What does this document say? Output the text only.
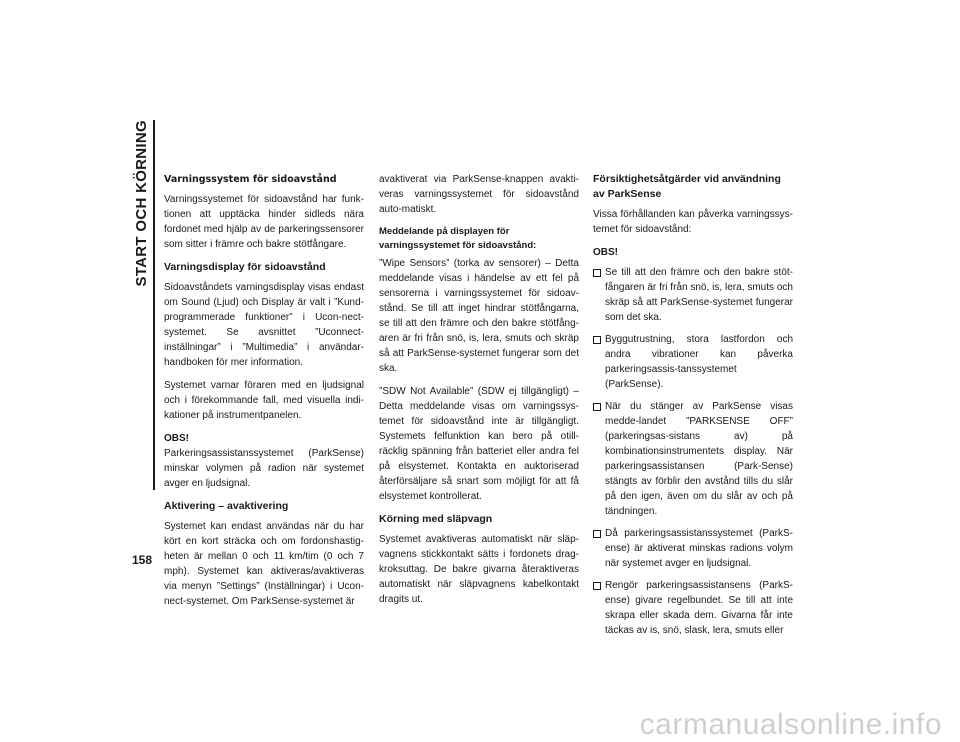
START OCH KÖRNING
158
Varningssystem för sidoavstånd

Varningssystemet för sidoavstånd har funk-tionen att upptäcka hinder sidleds nära fordonet med hjälp av de parkeringssensorer som sitter i främre och bakre stötfångare.

Varningsdisplay för sidoavstånd

Sidoavståndets varningsdisplay visas endast om Sound (Ljud) och Display är valt i ”Kund-programmerade funktioner” i Ucon-nect-systemet. Se avsnittet ”Uconnect-inställningar” i ”Multimedia” i användar-handboken för mer information.

Systemet varnar föraren med en ljudsignal och i förekommande fall, med visuella indi-kationer på instrumentpanelen.

OBS!

Parkeringsassistanssystemet (ParkSense) minskar volymen på radion när systemet avger en ljudsignal.

Aktivering – avaktivering

Systemet kan endast användas när du har kört en kort sträcka och om fordonshastig-heten är mellan 0 och 11 km/tim (0 och 7 mph). Systemet kan aktiveras/avaktiveras via menyn ”Settings” (Inställningar) i Ucon-nect-systemet. Om ParkSense-systemet är

avaktiverat via ParkSense-knappen avakti-veras varningssystemet för sidoavstånd auto-matiskt.

Meddelande på displayen för varningssystemet för sidoavstånd:

”Wipe Sensors” (torka av sensorer) – Detta meddelande visas i händelse av ett fel på sensorerna i varningssystemet för sidoav-stånd. Se till att inget hindrar stötfångarna, se till att den främre och den bakre stötfång-aren är fri från snö, is, lera, smuts och skräp så att ParkSense-systemet fungerar som det ska.

”SDW Not Available” (SDW ej tillgängligt) – Detta meddelande visas om varningssys-temet för sidoavstånd inte är tillgängligt. Systemets felfunktion kan bero på otill-räcklig spänning från batteriet eller andra fel på elsystemet. Kontakta en auktoriserad återförsäljare så snart som möjligt för att få elsystemet kontrollerat.

Körning med släpvagn

Systemet avaktiveras automatiskt när släp-vagnens stickkontakt sätts i fordonets drag-kroksuttag. De bakre givarna återaktiveras automatiskt när släpvagnens kabelkontakt dragits ut.

Försiktighetsåtgärder vid användning av ParkSense

Vissa förhållanden kan påverka varningssys-temet för sidoavstånd:

OBS!
Se till att den främre och den bakre stöt-fångaren är fri från snö, is, lera, smuts och skräp så att ParkSense-systemet fungerar som det ska.
Byggutrustning, stora lastfordon och andra vibrationer kan påverka parkeringsassis-tanssystemet (ParkSense).
När du stänger av ParkSense visas medde-landet ”PARKSENSE OFF” (parkeringsas-sistans av) på kombinationsinstrumentets display. När parkeringsassistansen (Park-Sense) stängts av förblir den avstånd tills du slår på den igen, även om du slår av och på tändningen.
Då parkeringsassistanssystemet (ParkS-ense) är aktiverat minskas radions volym när systemet avger en ljudsignal.
Rengör parkeringsassistansens (ParkS-ense) givare regelbundet. Se till att inte skrapa eller skada dem. Givarna får inte täckas av is, snö, slask, lera, smuts eller
carmanualsonline.info
